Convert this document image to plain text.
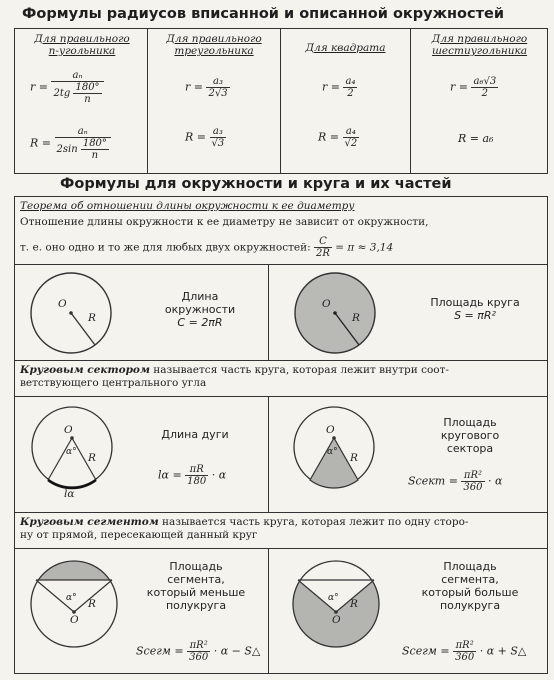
Формулы радиусов вписанной и описанной окружностей
Для правильного
n-угольника
Для правильного
треугольника	Для квадрата
Для правильного
шестиугольника
$r = \frac{\text{aₙ}}{2tg \frac{180^\circ}{n}}$
$R = \frac{\text{aₙ}}{2\sin \frac{180^\circ}{n}}$
$r = \frac{\text{a₃}}{2√3}$
$R = \frac{\text{a₃}}{√3}$
$r = \frac{\text{a₄}}{2}$
$R = \frac{\text{a₄}}{√2}$
$r = \frac{\text{a₆√3}}{2}$
R = a₆
Формулы для окружности и круга и их частей
Теорема об отношении длины окружности к ее диаметру
Отношение длины окружности к ее диаметру не зависит от окружности,
т. е. оно одно и то же для любых двух окружностей: $\frac{C}{2R} = \pi \approx 3,14$
O
R
Длина
окружности
C = 2πR
O
R
Площадь круга
S = πR²
Круговым сектором называется часть круга, которая лежит внутри соот-
ветствующего центрального угла
O
α° R
lα
Длина дуги
$l\alpha = \frac{\pi R}{180} \cdot \alpha$
O
α° R
Площадь
кругового
сектора
Sсект = $\frac{\text{πR²}}{360} \cdot \alpha$
Круговым сегментом называется часть круга, которая лежит по одну сторо-
ну от прямой, пересекающей данный круг
α° R
O
Площадь
сегмента,
который меньше
полукруга
Sсегм = $\frac{\text{πR²}}{360} \cdot \alpha$ − S△
α° R
O
Площадь
сегмента,
который больше
полукруга
Sсегм = $\frac{\text{πR²}}{360} \cdot \alpha$ + S△
